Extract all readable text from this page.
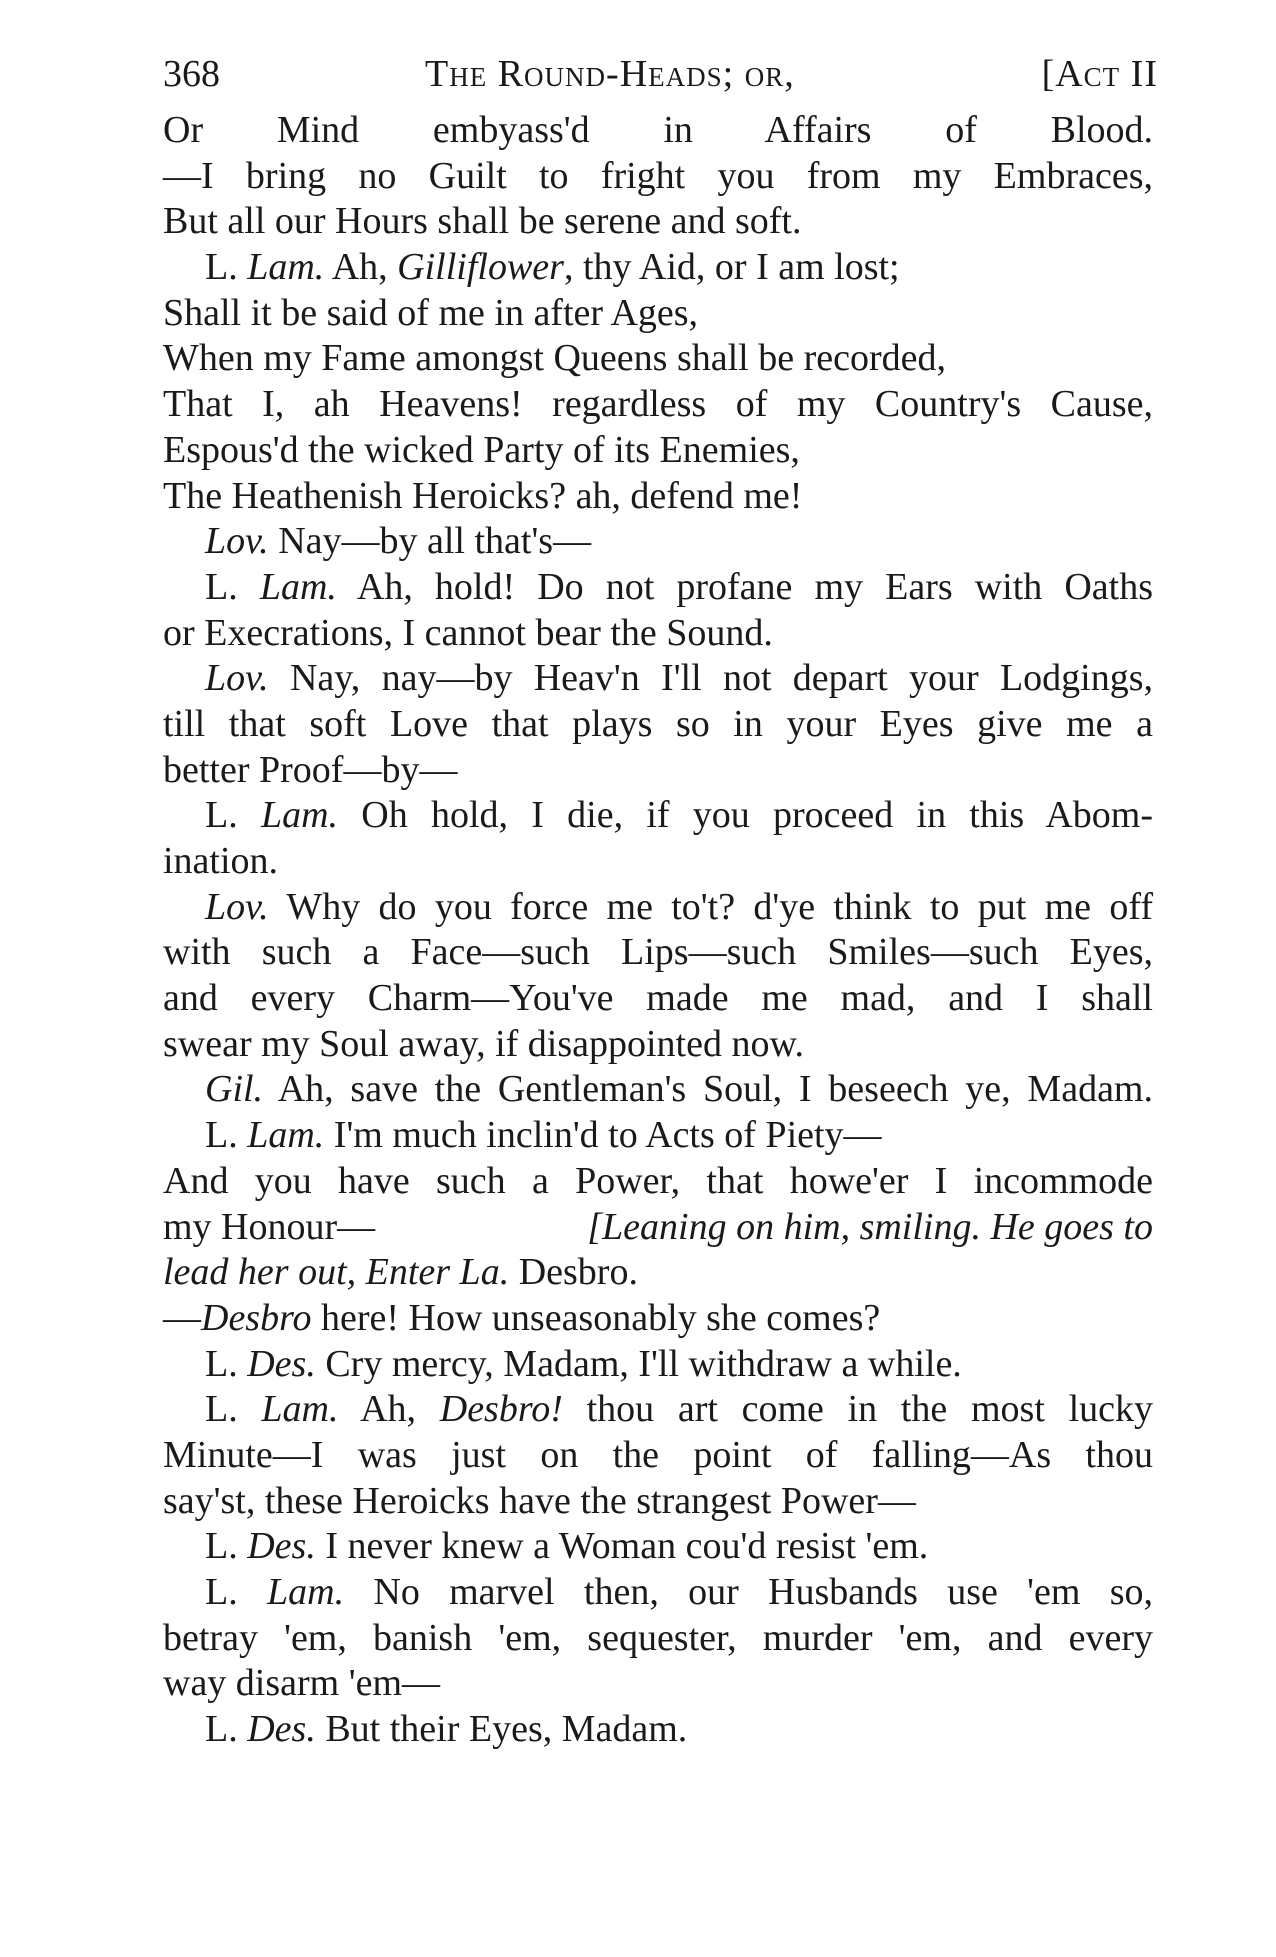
368	The Round-Heads; or,	[Act II
Or Mind embyass'd in Affairs of Blood.
—I bring no Guilt to fright you from my Embraces,
But all our Hours shall be serene and soft.
L. Lam. Ah, Gilliflower, thy Aid, or I am lost;
Shall it be said of me in after Ages,
When my Fame amongst Queens shall be recorded,
That I, ah Heavens! regardless of my Country's Cause,
Espous'd the wicked Party of its Enemies,
The Heathenish Heroicks? ah, defend me!
Lov. Nay—by all that's—
L. Lam. Ah, hold! Do not profane my Ears with Oaths
or Execrations, I cannot bear the Sound.
Lov. Nay, nay—by Heav'n I'll not depart your Lodgings,
till that soft Love that plays so in your Eyes give me a
better Proof—by—
L. Lam. Oh hold, I die, if you proceed in this Abom-
ination.
Lov. Why do you force me to't? d'ye think to put me off
with such a Face—such Lips—such Smiles—such Eyes,
and every Charm—You've made me mad, and I shall
swear my Soul away, if disappointed now.
Gil. Ah, save the Gentleman's Soul, I beseech ye, Madam.
L. Lam. I'm much inclin'd to Acts of Piety—
And you have such a Power, that howe'er I incommode
my Honour—	[Leaning on him, smiling. He goes to
lead her out, Enter La. Desbro.
—Desbro here! How unseasonably she comes?
L. Des. Cry mercy, Madam, I'll withdraw a while.
L. Lam. Ah, Desbro! thou art come in the most lucky
Minute—I was just on the point of falling—As thou
say'st, these Heroicks have the strangest Power—
L. Des. I never knew a Woman cou'd resist 'em.
L. Lam. No marvel then, our Husbands use 'em so,
betray 'em, banish 'em, sequester, murder 'em, and every
way disarm 'em—
L. Des. But their Eyes, Madam.
